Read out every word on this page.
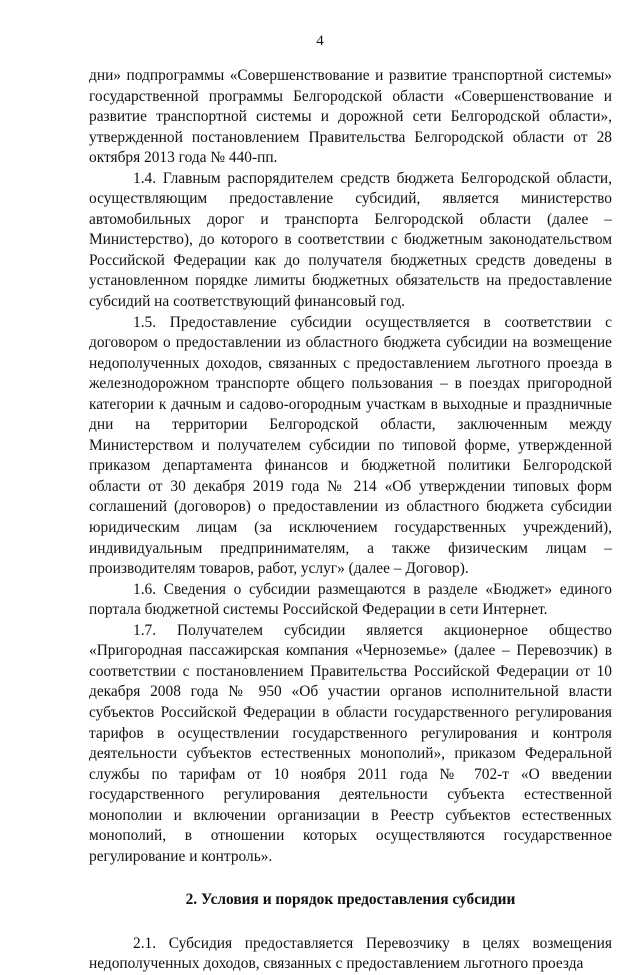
4

дни» подпрограммы «Совершенствование и развитие транспортной системы» государственной программы Белгородской области «Совершенствование и развитие транспортной системы и дорожной сети Белгородской области», утвержденной постановлением Правительства Белгородской области от 28 октября 2013 года № 440-пп.

1.4. Главным распорядителем средств бюджета Белгородской области, осуществляющим предоставление субсидий, является министерство автомобильных дорог и транспорта Белгородской области (далее – Министерство), до которого в соответствии с бюджетным законодательством Российской Федерации как до получателя бюджетных средств доведены в установленном порядке лимиты бюджетных обязательств на предоставление субсидий на соответствующий финансовый год.

1.5. Предоставление субсидии осуществляется в соответствии с договором о предоставлении из областного бюджета субсидии на возмещение недополученных доходов, связанных с предоставлением льготного проезда в железнодорожном транспорте общего пользования – в поездах пригородной категории к дачным и садово-огородным участкам в выходные и праздничные дни на территории Белгородской области, заключенным между Министерством и получателем субсидии по типовой форме, утвержденной приказом департамента финансов и бюджетной политики Белгородской области от 30 декабря 2019 года № 214 «Об утверждении типовых форм соглашений (договоров) о предоставлении из областного бюджета субсидии юридическим лицам (за исключением государственных учреждений), индивидуальным предпринимателям, а также физическим лицам – производителям товаров, работ, услуг» (далее – Договор).

1.6. Сведения о субсидии размещаются в разделе «Бюджет» единого портала бюджетной системы Российской Федерации в сети Интернет.

1.7. Получателем субсидии является акционерное общество «Пригородная пассажирская компания «Черноземье» (далее – Перевозчик) в соответствии с постановлением Правительства Российской Федерации от 10 декабря 2008 года № 950 «Об участии органов исполнительной власти субъектов Российской Федерации в области государственного регулирования тарифов в осуществлении государственного регулирования и контроля деятельности субъектов естественных монополий», приказом Федеральной службы по тарифам от 10 ноября 2011 года № 702-т «О введении государственного регулирования деятельности субъекта естественной монополии и включении организации в Реестр субъектов естественных монополий, в отношении которых осуществляются государственное регулирование и контроль».

2. Условия и порядок предоставления субсидии

2.1. Субсидия предоставляется Перевозчику в целях возмещения недополученных доходов, связанных с предоставлением льготного проезда
